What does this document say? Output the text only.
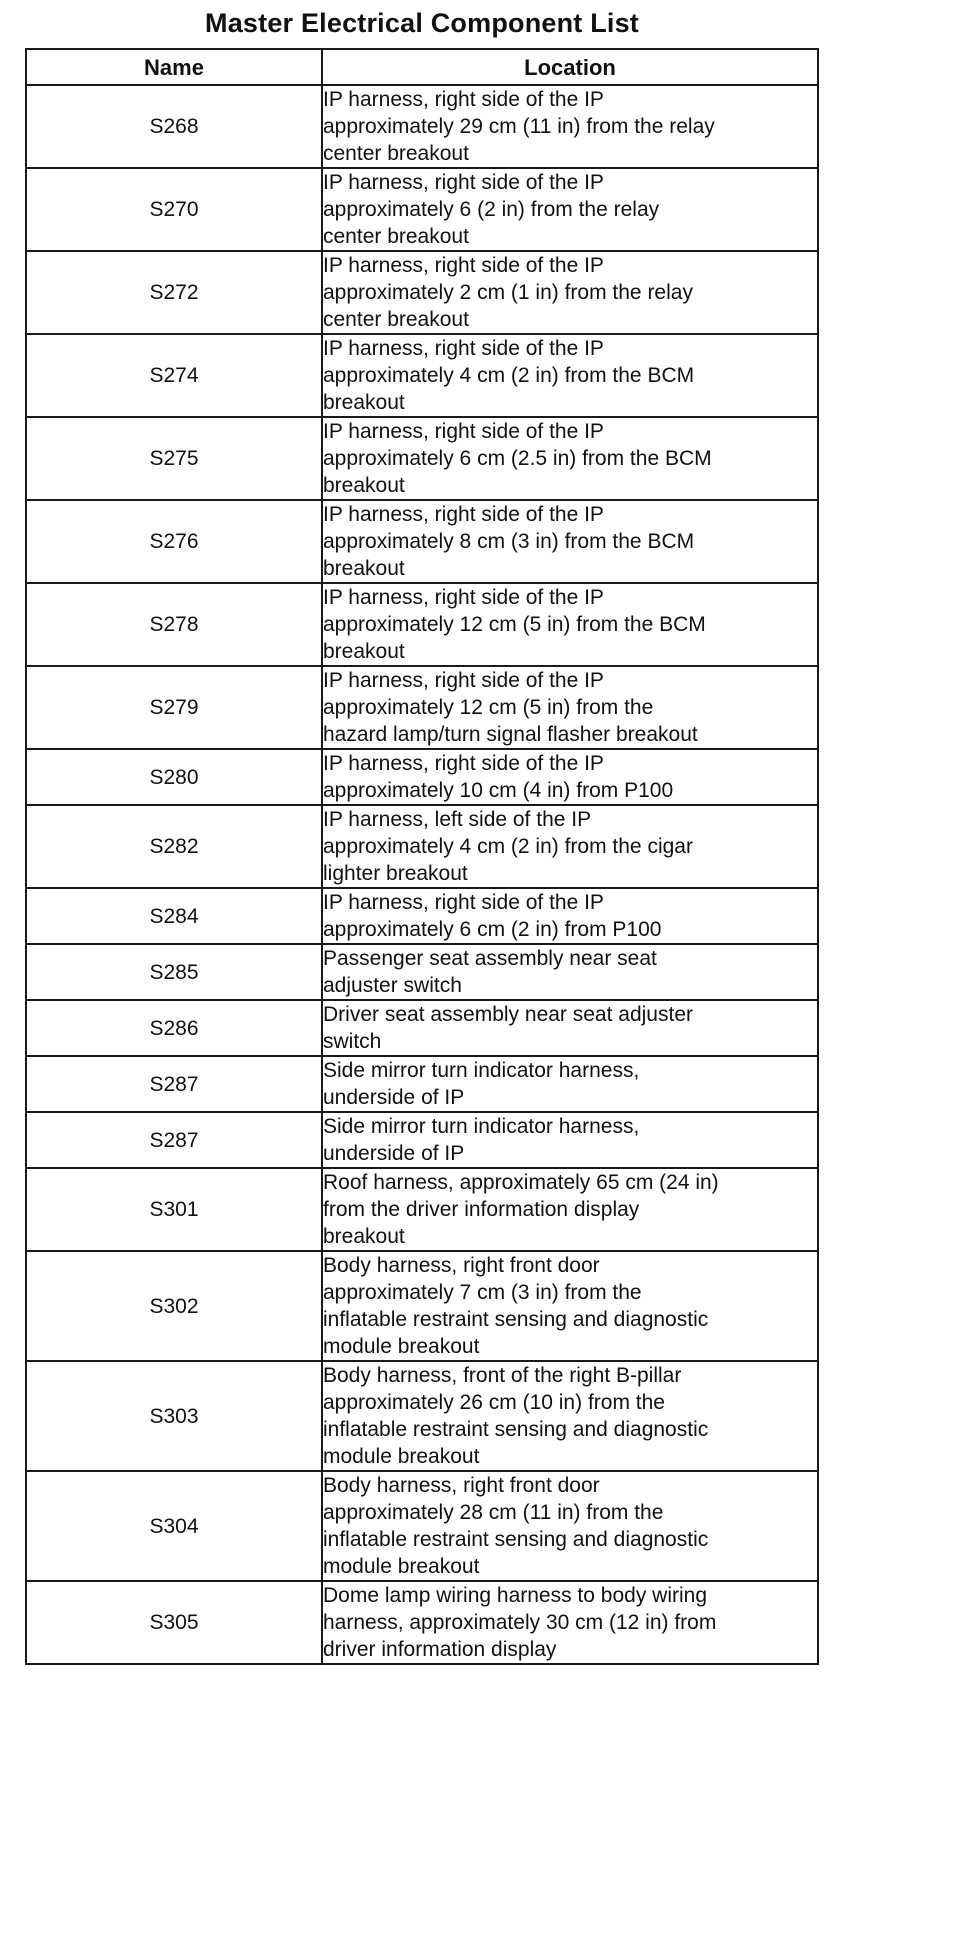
Master Electrical Component List
Name	Location
S268	IP harness, right side of the IP
approximately 29 cm (11 in) from the relay
center breakout

S270	IP harness, right side of the IP
approximately 6 (2 in) from the relay
center breakout

S272	IP harness, right side of the IP
approximately 2 cm (1 in) from the relay
center breakout

S274	IP harness, right side of the IP
approximately 4 cm (2 in) from the BCM
breakout

S275	IP harness, right side of the IP
approximately 6 cm (2.5 in) from the BCM
breakout

S276	IP harness, right side of the IP
approximately 8 cm (3 in) from the BCM
breakout

S278	IP harness, right side of the IP
approximately 12 cm (5 in) from the BCM
breakout

S279	IP harness, right side of the IP
approximately 12 cm (5 in) from the
hazard lamp/turn signal flasher breakout

S280	IP harness, right side of the IP
approximately 10 cm (4 in) from P100

S282	IP harness, left side of the IP
approximately 4 cm (2 in) from the cigar
lighter breakout

S284	IP harness, right side of the IP
approximately 6 cm (2 in) from P100

S285	Passenger seat assembly near seat
adjuster switch

S286	Driver seat assembly near seat adjuster
switch

S287	Side mirror turn indicator harness,
underside of IP

S287	Side mirror turn indicator harness,
underside of IP

S301	Roof harness, approximately 65 cm (24 in)
from the driver information display
breakout

S302	Body harness, right front door
approximately 7 cm (3 in) from the
inflatable restraint sensing and diagnostic
module breakout

S303	Body harness, front of the right B-pillar
approximately 26 cm (10 in) from the
inflatable restraint sensing and diagnostic
module breakout

S304	Body harness, right front door
approximately 28 cm (11 in) from the
inflatable restraint sensing and diagnostic
module breakout

S305	Dome lamp wiring harness to body wiring
harness, approximately 30 cm (12 in) from
driver information display
